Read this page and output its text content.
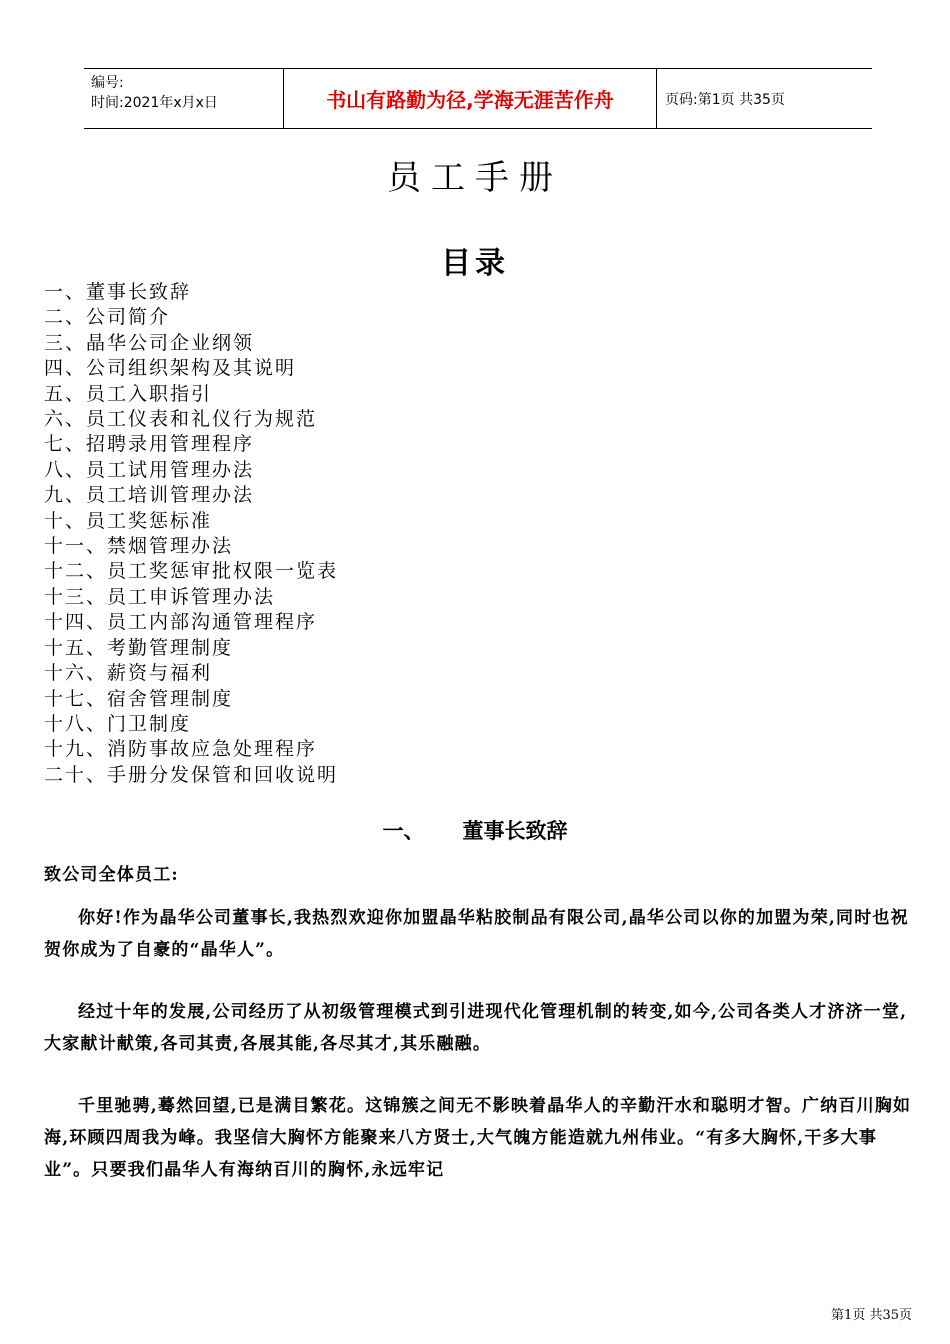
编号:
时间:2021年x月x日	书山有路勤为径,学海无涯苦作舟	页码:第1页 共35页
员工手册
目录
一、董事长致辞
二、公司简介
三、晶华公司企业纲领
四、公司组织架构及其说明
五、员工入职指引
六、员工仪表和礼仪行为规范
七、招聘录用管理程序
八、员工试用管理办法
九、员工培训管理办法
十、员工奖惩标准
十一、禁烟管理办法
十二、员工奖惩审批权限一览表
十三、员工申诉管理办法
十四、员工内部沟通管理程序
十五、考勤管理制度
十六、薪资与福利
十七、宿舍管理制度
十八、门卫制度
十九、消防事故应急处理程序
二十、手册分发保管和回收说明
一、 董事长致辞
致公司全体员工:

你好!作为晶华公司董事长,我热烈欢迎你加盟晶华粘胶制品有限公司,晶华公司以你的加盟为荣,同时也祝贺你成为了自豪的“晶华人”。

经过十年的发展,公司经历了从初级管理模式到引进现代化管理机制的转变,如今,公司各类人才济济一堂,大家献计献策,各司其责,各展其能,各尽其才,其乐融融。

千里驰骋,蓦然回望,已是满目繁花。这锦簇之间无不影映着晶华人的辛勤汗水和聪明才智。广纳百川胸如海,环顾四周我为峰。我坚信大胸怀方能聚来八方贤士,大气魄方能造就九州伟业。“有多大胸怀,干多大事业”。只要我们晶华人有海纳百川的胸怀,永远牢记

第1页 共35页
